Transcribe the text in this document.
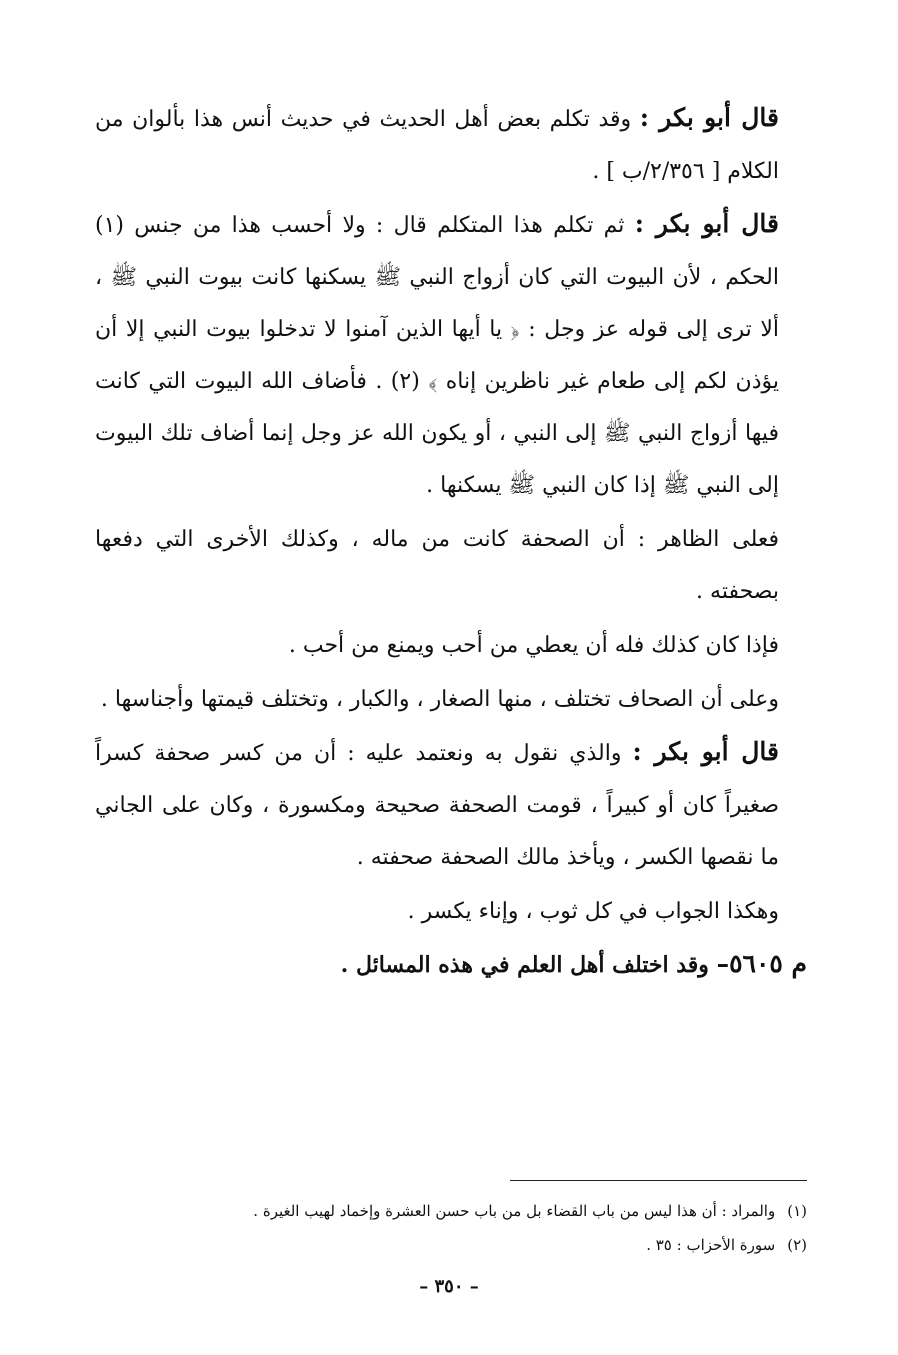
قال أبو بكر : وقد تكلم بعض أهل الحديث في حديث أنس هذا بألوان من الكلام [ ٢/٣٥٦/ب ] .

قال أبو بكر : ثم تكلم هذا المتكلم قال : ولا أحسب هذا من جنس (١) الحكم ، لأن البيوت التي كان أزواج النبي ﷺ يسكنها كانت بيوت النبي ﷺ ، ألا ترى إلى قوله عز وجل : ﴿ يا أيها الذين آمنوا لا تدخلوا بيوت النبي إلا أن يؤذن لكم إلى طعام غير ناظرين إناه ﴾ (٢) . فأضاف الله البيوت التي كانت فيها أزواج النبي ﷺ إلى النبي ، أو يكون الله عز وجل إنما أضاف تلك البيوت إلى النبي ﷺ إذا كان النبي ﷺ يسكنها .

فعلى الظاهر : أن الصحفة كانت من ماله ، وكذلك الأخرى التي دفعها بصحفته .

فإذا كان كذلك فله أن يعطي من أحب ويمنع من أحب .

وعلى أن الصحاف تختلف ، منها الصغار ، والكبار ، وتختلف قيمتها وأجناسها .

قال أبو بكر : والذي نقول به ونعتمد عليه : أن من كسر صحفة كسراً صغيراً كان أو كبيراً ، قومت الصحفة صحيحة ومكسورة ، وكان على الجاني ما نقصها الكسر ، ويأخذ مالك الصحفة صحفته .

وهكذا الجواب في كل ثوب ، وإناء يكسر .

م ٥٦٠٥– وقد اختلف أهل العلم في هذه المسائل .

(١)والمراد : أن هذا ليس من باب القضاء بل من باب حسن العشرة وإخماد لهيب الغيرة .

(٢)سورة الأحزاب : ٣٥ .

– ٣٥٠ –
